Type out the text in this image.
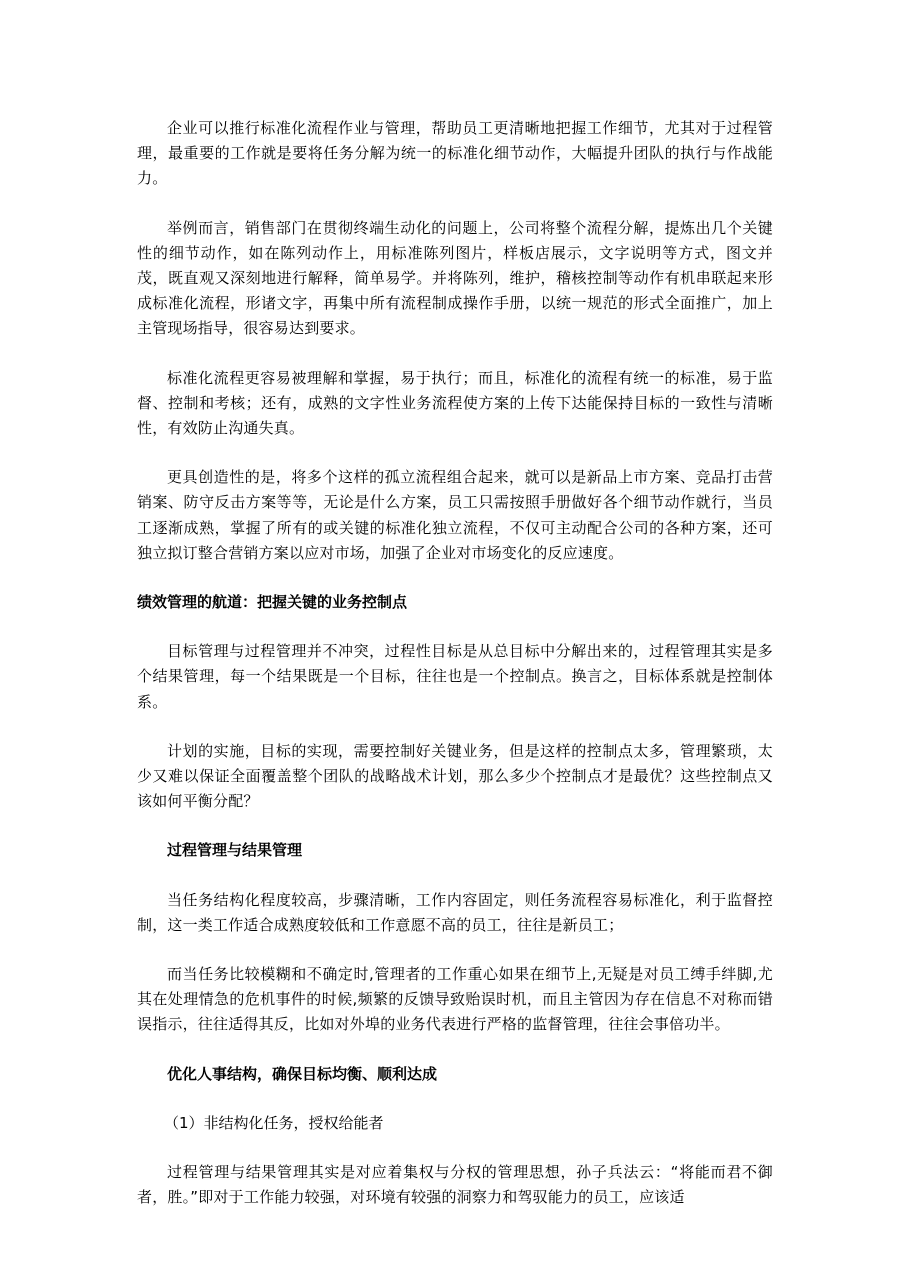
企业可以推行标准化流程作业与管理，帮助员工更清晰地把握工作细节，尤其对于过程管理，最重要的工作就是要将任务分解为统一的标准化细节动作，大幅提升团队的执行与作战能力。

举例而言，销售部门在贯彻终端生动化的问题上，公司将整个流程分解，提炼出几个关键性的细节动作，如在陈列动作上，用标准陈列图片，样板店展示，文字说明等方式，图文并茂，既直观又深刻地进行解释，简单易学。并将陈列，维护，稽核控制等动作有机串联起来形成标准化流程，形诸文字，再集中所有流程制成操作手册，以统一规范的形式全面推广，加上主管现场指导，很容易达到要求。

标准化流程更容易被理解和掌握，易于执行；而且，标准化的流程有统一的标准，易于监督、控制和考核；还有，成熟的文字性业务流程使方案的上传下达能保持目标的一致性与清晰性，有效防止沟通失真。

更具创造性的是，将多个这样的孤立流程组合起来，就可以是新品上市方案、竞品打击营销案、防守反击方案等等，无论是什么方案，员工只需按照手册做好各个细节动作就行，当员工逐渐成熟，掌握了所有的或关键的标准化独立流程，不仅可主动配合公司的各种方案，还可独立拟订整合营销方案以应对市场，加强了企业对市场变化的反应速度。

绩效管理的航道：把握关键的业务控制点

目标管理与过程管理并不冲突，过程性目标是从总目标中分解出来的，过程管理其实是多个结果管理，每一个结果既是一个目标，往往也是一个控制点。换言之，目标体系就是控制体系。

计划的实施，目标的实现，需要控制好关键业务，但是这样的控制点太多，管理繁琐，太少又难以保证全面覆盖整个团队的战略战术计划，那么多少个控制点才是最优？这些控制点又该如何平衡分配？

过程管理与结果管理

当任务结构化程度较高，步骤清晰，工作内容固定，则任务流程容易标准化，利于监督控制，这一类工作适合成熟度较低和工作意愿不高的员工，往往是新员工；

而当任务比较模糊和不确定时,管理者的工作重心如果在细节上,无疑是对员工缚手绊脚,尤其在处理情急的危机事件的时候,频繁的反馈导致贻误时机，而且主管因为存在信息不对称而错误指示，往往适得其反，比如对外埠的业务代表进行严格的监督管理，往往会事倍功半。

优化人事结构，确保目标均衡、顺利达成

（1）非结构化任务，授权给能者

过程管理与结果管理其实是对应着集权与分权的管理思想，孙子兵法云：“将能而君不御者，胜。”即对于工作能力较强，对环境有较强的洞察力和驾驭能力的员工，应该适
